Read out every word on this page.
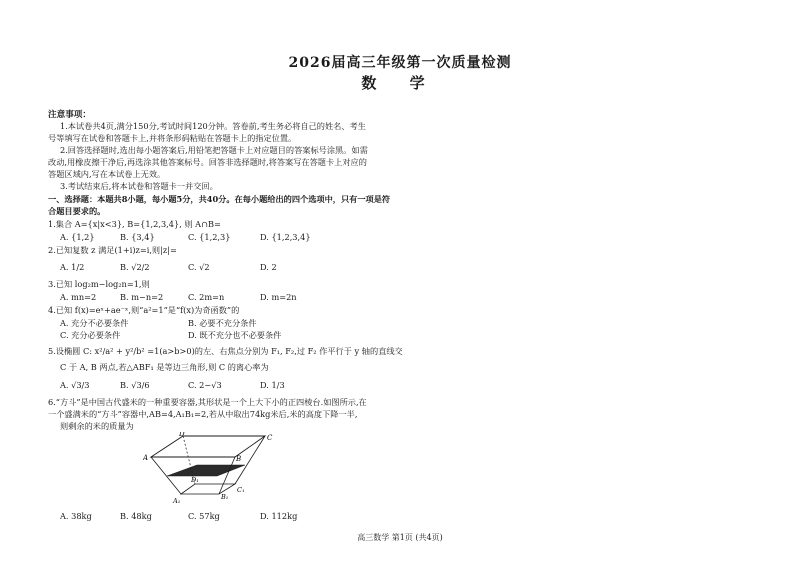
2026届高三年级第一次质量检测
数 学
注意事项：
1.本试卷共4页,满分150分,考试时间120分钟。答卷前,考生务必将自己的姓名、考生
号等填写在试卷和答题卡上,并将条形码粘贴在答题卡上的指定位置。
2.回答选择题时,选出每小题答案后,用铅笔把答题卡上对应题目的答案标号涂黑。如需
改动,用橡皮擦干净后,再选涂其他答案标号。回答非选择题时,将答案写在答题卡上对应的
答题区域内,写在本试卷上无效。
3.考试结束后,将本试卷和答题卡一并交回。
一、选择题：本题共8小题，每小题5分，共40分。在每小题给出的四个选项中，只有一项是符
合题目要求的。
1.集合 A={x|x<3}, B={1,2,3,4}, 则 A∩B=
A. {1,2}	B. {3,4}	C. {1,2,3}	D. {1,2,3,4}
2.已知复数 z 满足(1+i)z=i,则|z|=
A. 1/2	B. √2/2	C. √2	D. 2
3.已知 log₂m−log₂n=1,则
A. mn=2	B. m−n=2	C. 2m=n	D. m=2n
4.已知 f(x)=eˣ+ae⁻ˣ,则“a²=1”是“f(x)为奇函数”的
A. 充分不必要条件	B. 必要不充分条件
C. 充分必要条件	D. 既不充分也不必要条件
5.设椭圆 C: x²/a² + y²/b² =1(a>b>0)的左、右焦点分别为 F₁, F₂,过 F₂ 作平行于 y 轴的直线交
C 于 A, B 两点,若△ABF₁ 是等边三角形,则 C 的离心率为
A. √3/3	B. √3/6	C. 2−√3	D. 1/3
6.“方斗”是中国古代盛米的一种重要容器,其形状是一个上大下小的正四棱台.如图所示,在
一个盛满米的“方斗”容器中,AB=4,A₁B₁=2,若从中取出74kg米后,米的高度下降一半,
则剩余的米的质量为
A
D	C
B
D₁
A₁	B₁
C₁
A. 38kg	B. 48kg	C. 57kg	D. 112kg
高三数学 第1页 (共4页)
